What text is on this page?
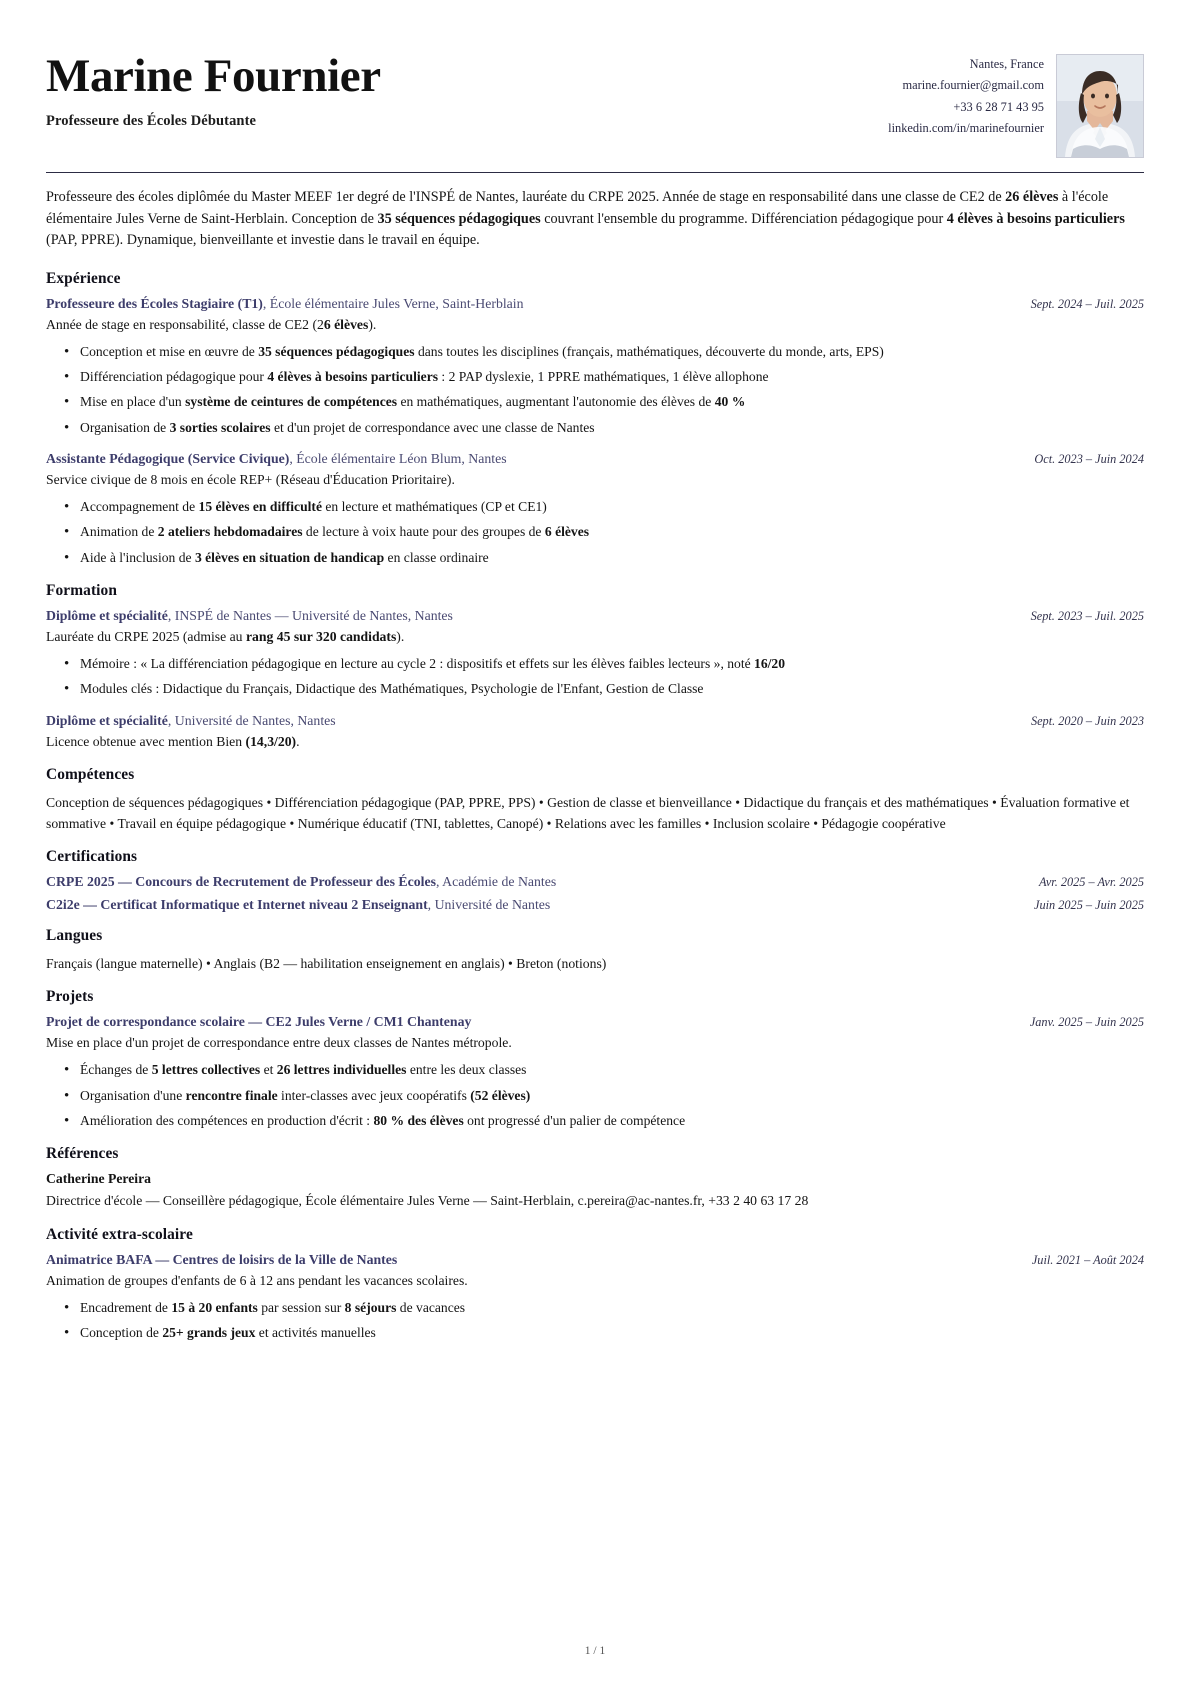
Marine Fournier
Professeure des Écoles Débutante
Nantes, France
marine.fournier@gmail.com
+33 6 28 71 43 95
linkedin.com/in/marinefournier
Professeure des écoles diplômée du Master MEEF 1er degré de l'INSPÉ de Nantes, lauréate du CRPE 2025. Année de stage en responsabilité dans une classe de CE2 de 26 élèves à l'école élémentaire Jules Verne de Saint-Herblain. Conception de 35 séquences pédagogiques couvrant l'ensemble du programme. Différenciation pédagogique pour 4 élèves à besoins particuliers (PAP, PPRE). Dynamique, bienveillante et investie dans le travail en équipe.
Expérience
Professeure des Écoles Stagiaire (T1), École élémentaire Jules Verne, Saint-Herblain	Sept. 2024 – Juil. 2025
Année de stage en responsabilité, classe de CE2 (26 élèves).
• Conception et mise en œuvre de 35 séquences pédagogiques dans toutes les disciplines (français, mathématiques, découverte du monde, arts, EPS)
• Différenciation pédagogique pour 4 élèves à besoins particuliers : 2 PAP dyslexie, 1 PPRE mathématiques, 1 élève allophone
• Mise en place d'un système de ceintures de compétences en mathématiques, augmentant l'autonomie des élèves de 40 %
• Organisation de 3 sorties scolaires et d'un projet de correspondance avec une classe de Nantes
Assistante Pédagogique (Service Civique), École élémentaire Léon Blum, Nantes	Oct. 2023 – Juin 2024
Service civique de 8 mois en école REP+ (Réseau d'Éducation Prioritaire).
• Accompagnement de 15 élèves en difficulté en lecture et mathématiques (CP et CE1)
• Animation de 2 ateliers hebdomadaires de lecture à voix haute pour des groupes de 6 élèves
• Aide à l'inclusion de 3 élèves en situation de handicap en classe ordinaire
Formation
Diplôme et spécialité, INSPÉ de Nantes — Université de Nantes, Nantes	Sept. 2023 – Juil. 2025
Lauréate du CRPE 2025 (admise au rang 45 sur 320 candidats).
• Mémoire : « La différenciation pédagogique en lecture au cycle 2 : dispositifs et effets sur les élèves faibles lecteurs », noté 16/20
• Modules clés : Didactique du Français, Didactique des Mathématiques, Psychologie de l'Enfant, Gestion de Classe
Diplôme et spécialité, Université de Nantes, Nantes	Sept. 2020 – Juin 2023
Licence obtenue avec mention Bien (14,3/20).
Compétences
Conception de séquences pédagogiques • Différenciation pédagogique (PAP, PPRE, PPS) • Gestion de classe et bienveillance • Didactique du français et des mathématiques • Évaluation formative et sommative • Travail en équipe pédagogique • Numérique éducatif (TNI, tablettes, Canopé) • Relations avec les familles • Inclusion scolaire • Pédagogie coopérative
Certifications
CRPE 2025 — Concours de Recrutement de Professeur des Écoles, Académie de Nantes	Avr. 2025 – Avr. 2025
C2i2e — Certificat Informatique et Internet niveau 2 Enseignant, Université de Nantes	Juin 2025 – Juin 2025
Langues
Français (langue maternelle) • Anglais (B2 — habilitation enseignement en anglais) • Breton (notions)
Projets
Projet de correspondance scolaire — CE2 Jules Verne / CM1 Chantenay	Janv. 2025 – Juin 2025
Mise en place d'un projet de correspondance entre deux classes de Nantes métropole.
• Échanges de 5 lettres collectives et 26 lettres individuelles entre les deux classes
• Organisation d'une rencontre finale inter-classes avec jeux coopératifs (52 élèves)
• Amélioration des compétences en production d'écrit : 80 % des élèves ont progressé d'un palier de compétence
Références
Catherine Pereira
Directrice d'école — Conseillère pédagogique, École élémentaire Jules Verne — Saint-Herblain, c.pereira@ac-nantes.fr, +33 2 40 63 17 28
Activité extra-scolaire
Animatrice BAFA — Centres de loisirs de la Ville de Nantes	Juil. 2021 – Août 2024
Animation de groupes d'enfants de 6 à 12 ans pendant les vacances scolaires.
• Encadrement de 15 à 20 enfants par session sur 8 séjours de vacances
• Conception de 25+ grands jeux et activités manuelles
1 / 1
